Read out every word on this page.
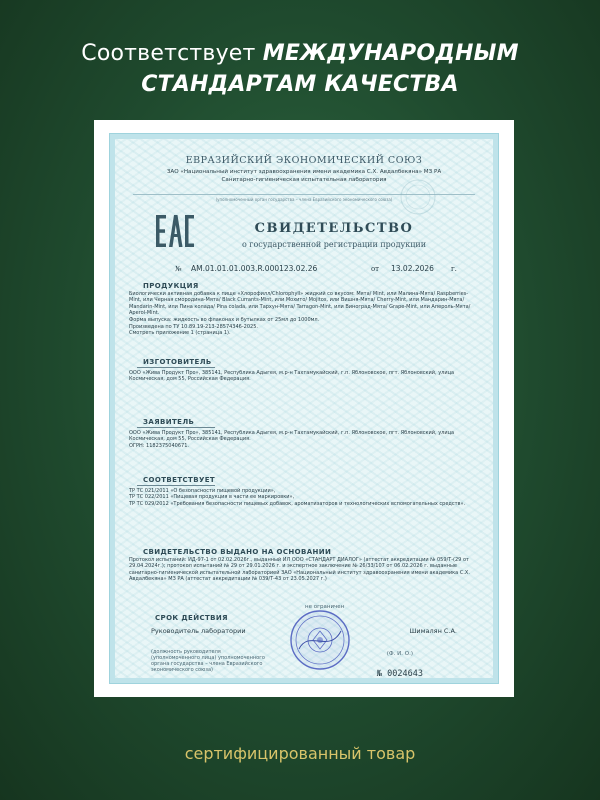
Соответствует МЕЖДУНАРОДНЫМ
СТАНДАРТАМ КАЧЕСТВА
ЕВРАЗИЙСКИЙ ЭКОНОМИЧЕСКИЙ СОЮЗ
ЗАО «Национальный институт здравоохранения имени академика С.Х. Авдалбекяна» МЗ РА
Санитарно-гигиеническая испытательная лаборатория
(уполномоченный орган государства – члена Евразийского экономического союза)
СВИДЕТЕЛЬСТВО
о государственной регистрации продукции
№ AM.01.01.01.003.R.000123.02.26	от 13.02.2026 г.
ПРОДУКЦИЯ

Биологически активная добавка к пище «Хлорофилл/Chlorophyll» жидкий со вкусом: Мята/ Mint, или Малина-Мята/ Raspberries-Mint, или Черная смородина-Мята/ Black Currants-Mint, или Мохито/ Mojitos, или Вишня-Мята/ Cherry-Mint, или Мандарин-Мята/ Mandarin-Mint, или Пина колада/ Pina colada, или Тархун-Мята/ Tarragon-Mint, или Виноград-Мята/ Grape-Mint, или Апероль-Мята/ Aperol-Mint.

Форма выпуска: жидкость во флаконах и бутылках от 25мл до 1000мл.

Произведена по ТУ 10.89.19-213-28574346-2025.

Смотреть приложение 1 (страница 1).

ИЗГОТОВИТЕЛЬ

ООО «Жива Продукт Про», 385141, Республика Адыгея, м.р-н Тахтамукайский, г.п. Яблоновское, пгт. Яблоновский, улица Космическая, дом 55, Российская Федерация.

ЗАЯВИТЕЛЬ

ООО «Жива Продукт Про», 385141, Республика Адыгея, м.р-н Тахтамукайский, г.п. Яблоновское, пгт. Яблоновский, улица Космическая, дом 55, Российская Федерация.

ОГРН: 1182375040671.

СООТВЕТСТВУЕТ

ТР ТС 021/2011 «О безопасности пищевой продукции»,

ТР ТС 022/2011 «Пищевая продукция в части ее маркировки»,

ТР ТС 029/2012 «Требования безопасности пищевых добавок, ароматизаторов и технологических вспомогательных средств».

СВИДЕТЕЛЬСТВО ВЫДАНО НА ОСНОВАНИИ

Протокол испытаний: ИД-97-1 от 02.02.2026г., выданный ИЛ ООО «СТАНДАРТ ДИАЛОГ» (аттестат аккредитации № 059/Т-(29 от 29.04.2024г.); протокол испытаний № 29 от 29.01.2026 г. и экспертное заключение № 26/33/107 от 06.02.2026 г. выданные санитарно-гигиенической испытательной лабораторией ЗАО «Национальный институт здравоохранения имени академика С.Х. Авдалбекяна» МЗ РА (аттестат аккредитации № 039/Т-43 от 23.05.2027 г.)

СРОК ДЕЙСТВИЯ
не ограничен
Руководитель лаборатории	Шималян С.А.
(должность руководителя
(уполномоченного лица) уполномоченного
органа государства – члена Евразийского
экономического союза)
(Ф. И. О.)
№ 0024643
сертифицированный товар
